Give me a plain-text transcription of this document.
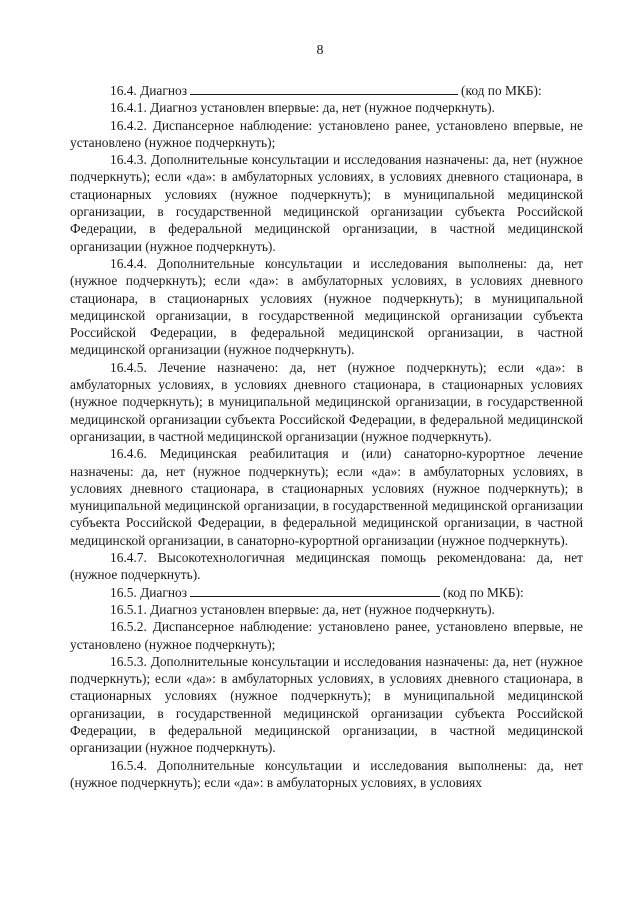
8

16.4. Диагноз	(код по МКБ):

16.4.1. Диагноз установлен впервые: да, нет (нужное подчеркнуть).

16.4.2. Диспансерное наблюдение: установлено ранее, установлено впервые, не установлено (нужное подчеркнуть);

16.4.3. Дополнительные консультации и исследования назначены: да, нет (нужное подчеркнуть); если «да»: в амбулаторных условиях, в условиях дневного стационара, в стационарных условиях (нужное подчеркнуть); в муниципальной медицинской организации, в государственной медицинской организации субъекта Российской Федерации, в федеральной медицинской организации, в частной медицинской организации (нужное подчеркнуть).

16.4.4. Дополнительные консультации и исследования выполнены: да, нет (нужное подчеркнуть); если «да»: в амбулаторных условиях, в условиях дневного стационара, в стационарных условиях (нужное подчеркнуть); в муниципальной медицинской организации, в государственной медицинской организации субъекта Российской Федерации, в федеральной медицинской организации, в частной медицинской организации (нужное подчеркнуть).

16.4.5. Лечение назначено: да, нет (нужное подчеркнуть); если «да»: в амбулаторных условиях, в условиях дневного стационара, в стационарных условиях (нужное подчеркнуть); в муниципальной медицинской организации, в государственной медицинской организации субъекта Российской Федерации, в федеральной медицинской организации, в частной медицинской организации (нужное подчеркнуть).

16.4.6. Медицинская реабилитация и (или) санаторно-курортное лечение назначены: да, нет (нужное подчеркнуть); если «да»: в амбулаторных условиях, в условиях дневного стационара, в стационарных условиях (нужное подчеркнуть); в муниципальной медицинской организации, в государственной медицинской организации субъекта Российской Федерации, в федеральной медицинской организации, в частной медицинской организации, в санаторно-курортной организации (нужное подчеркнуть).

16.4.7. Высокотехнологичная медицинская помощь рекомендована: да, нет (нужное подчеркнуть).

16.5. Диагноз	(код по МКБ):

16.5.1. Диагноз установлен впервые: да, нет (нужное подчеркнуть).

16.5.2. Диспансерное наблюдение: установлено ранее, установлено впервые, не установлено (нужное подчеркнуть);

16.5.3. Дополнительные консультации и исследования назначены: да, нет (нужное подчеркнуть); если «да»: в амбулаторных условиях, в условиях дневного стационара, в стационарных условиях (нужное подчеркнуть); в муниципальной медицинской организации, в государственной медицинской организации субъекта Российской Федерации, в федеральной медицинской организации, в частной медицинской организации (нужное подчеркнуть).

16.5.4. Дополнительные консультации и исследования выполнены: да, нет (нужное подчеркнуть); если «да»: в амбулаторных условиях, в условиях
